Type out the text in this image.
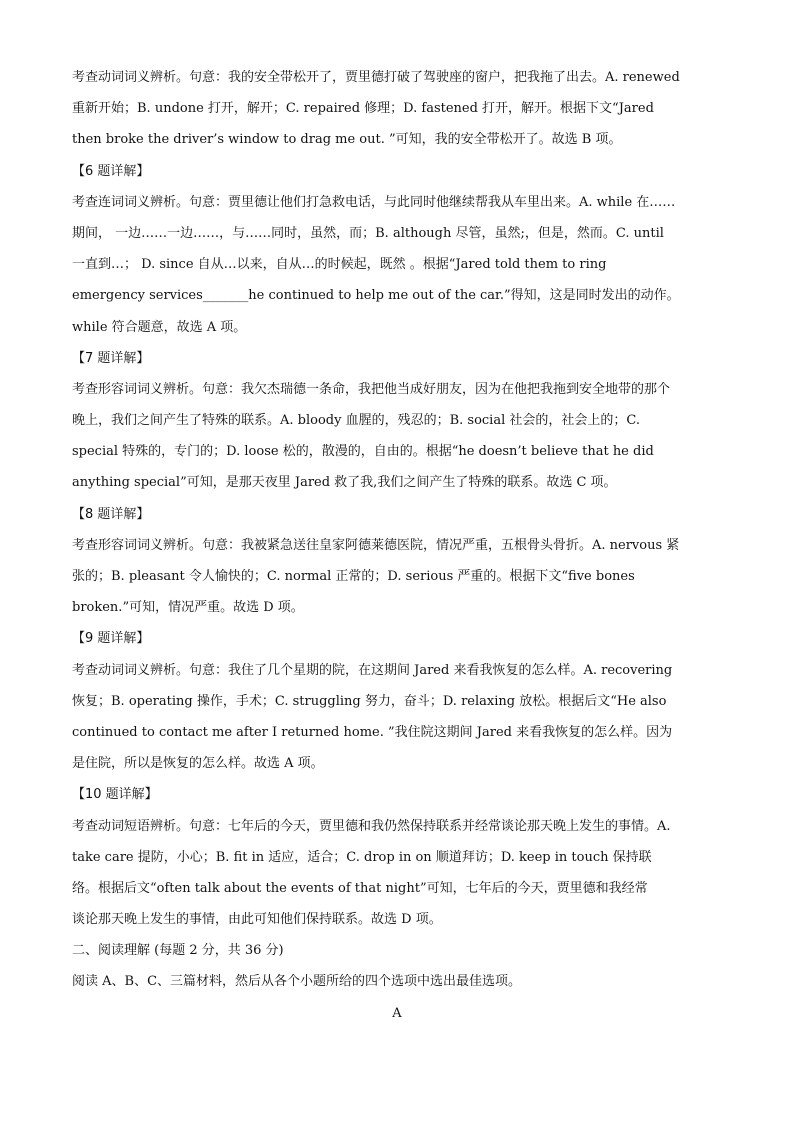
考查动词词义辨析。句意：我的安全带松开了，贾里德打破了驾驶座的窗户，把我拖了出去。A. renewed
重新开始；B. undone 打开，解开；C. repaired 修理；D. fastened 打开，解开。根据下文“Jared
then broke the driver’s window to drag me out. ”可知，我的安全带松开了。故选 B 项。
【6 题详解】
考查连词词义辨析。句意：贾里德让他们打急救电话，与此同时他继续帮我从车里出来。A. while 在……
期间， 一边……一边……，与……同时，虽然，而；B. although 尽管，虽然;，但是，然而。C. until
一直到…； D. since 自从…以来，自从…的时候起，既然 。根据“Jared told them to ring
emergency services_______he continued to help me out of the car.”得知，这是同时发出的动作。
while 符合题意，故选 A 项。
【7 题详解】
考查形容词词义辨析。句意：我欠杰瑞德一条命，我把他当成好朋友，因为在他把我拖到安全地带的那个
晚上，我们之间产生了特殊的联系。A. bloody 血腥的，残忍的；B. social 社会的，社会上的；C.
special 特殊的，专门的；D. loose 松的，散漫的，自由的。根据“he doesn’t believe that he did
anything special”可知，是那天夜里 Jared 救了我,我们之间产生了特殊的联系。故选 C 项。
【8 题详解】
考查形容词词义辨析。句意：我被紧急送往皇家阿德莱德医院，情况严重，五根骨头骨折。A. nervous 紧
张的；B. pleasant 令人愉快的；C. normal 正常的；D. serious 严重的。根据下文“five bones
broken.”可知，情况严重。故选 D 项。
【9 题详解】
考查动词词义辨析。句意：我住了几个星期的院，在这期间 Jared 来看我恢复的怎么样。A. recovering
恢复；B. operating 操作，手术；C. struggling 努力，奋斗；D. relaxing 放松。根据后文“He also
continued to contact me after I returned home. ”我住院这期间 Jared 来看我恢复的怎么样。因为
是住院，所以是恢复的怎么样。故选 A 项。
【10 题详解】
考查动词短语辨析。句意：七年后的今天，贾里德和我仍然保持联系并经常谈论那天晚上发生的事情。A.
take care 提防，小心；B. fit in 适应，适合；C. drop in on 顺道拜访；D. keep in touch 保持联
络。根据后文“often talk about the events of that night”可知，七年后的今天，贾里德和我经常
谈论那天晚上发生的事情，由此可知他们保持联系。故选 D 项。
二、阅读理解 (每题 2 分，共 36 分)
阅读 A、B、C、三篇材料，然后从各个小题所给的四个选项中选出最佳选项。
A
